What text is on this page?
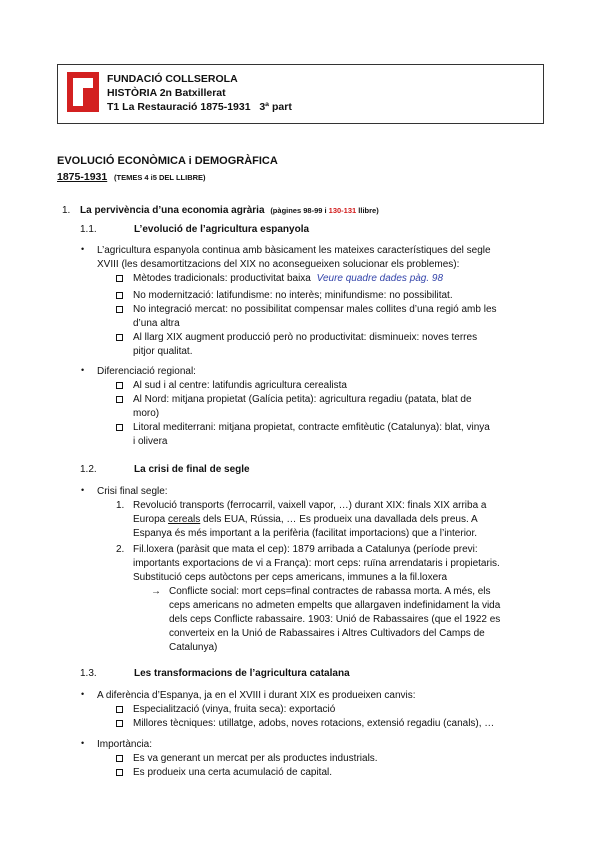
FUNDACIÓ COLLSEROLA
HISTÒRIA 2n Batxillerat
T1 La Restauració 1875-1931   3ª part
EVOLUCIÓ ECONÒMICA i DEMOGRÀFICA
1875-1931 (TEMES 4 i5 DEL LLIBRE)
1. La pervivència d’una economia agrària (pàgines 98-99 i 130-131 llibre)
1.1.	L’evolució de l’agricultura espanyola
• L’agricultura espanyola continua amb bàsicament les mateixes característiques del segle
XVIII (les desamortitzacions del XIX no aconsegueixen solucionar els problemes):
Mètodes tradicionals: productivitat baixa Veure quadre dades pàg. 98
No modernització: latifundisme: no interès; minifundisme: no possibilitat.
No integració mercat: no possibilitat compensar males collites d’una regió amb les
d’una altra
Al llarg XIX augment producció però no productivitat: disminueix: noves terres
pitjor qualitat.
• Diferenciació regional:
Al sud i al centre: latifundis agricultura cerealista
Al Nord: mitjana propietat (Galícia petita): agricultura regadiu (patata, blat de
moro)
Litoral mediterrani: mitjana propietat, contracte emfitèutic (Catalunya): blat, vinya
i olivera
1.2.	La crisi de final de segle
• Crisi final segle:
1. Revolució transports (ferrocarril, vaixell vapor, …) durant XIX: finals XIX arriba a
Europa cereals dels EUA, Rússia, … Es produeix una davallada dels preus. A
Espanya és més important a la perifèria (facilitat importacions) que a l’interior.
2. Fil.loxera (paràsit que mata el cep): 1879 arribada a Catalunya (període previ:
importants exportacions de vi a França): mort ceps: ruïna arrendataris i propietaris.
Substitució ceps autòctons per ceps americans, immunes a la fil.loxera
→ Conflicte social: mort ceps=final contractes de rabassa morta. A més, els
ceps americans no admeten empelts que allargaven indefinidament la vida
dels ceps Conflicte rabassaire. 1903: Unió de Rabassaires (que el 1922 es
converteix en la Unió de Rabassaires i Altres Cultivadors del Camps de
Catalunya)
1.3.	Les transformacions de l’agricultura catalana
• A diferència d’Espanya, ja en el XVIII i durant XIX es produeixen canvis:
Especialització (vinya, fruita seca): exportació
Millores tècniques: utillatge, adobs, noves rotacions, extensió regadiu (canals), …
• Importància:
Es va generant un mercat per als productes industrials.
Es produeix una certa acumulació de capital.
